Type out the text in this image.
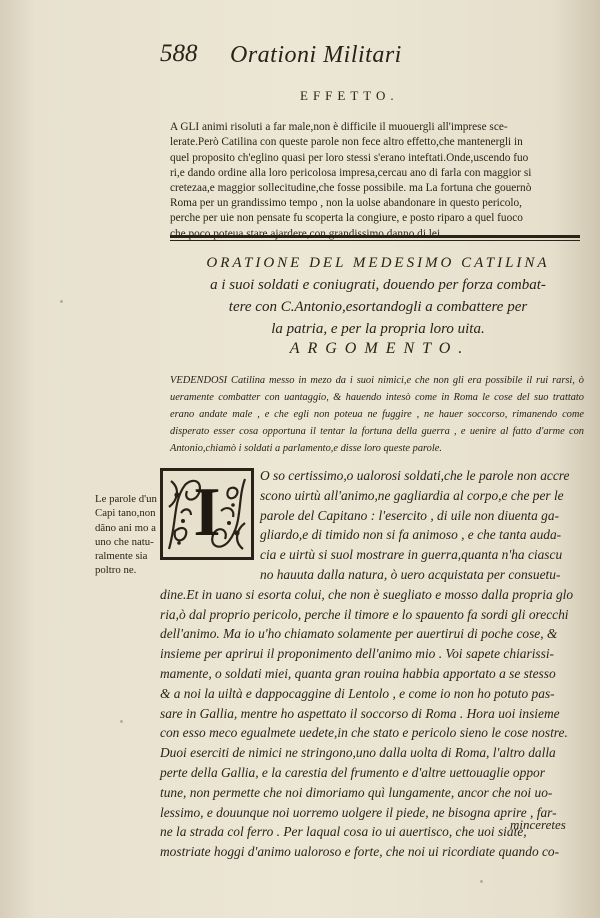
588 Orationi Militari
EFFETTO.

A GLI animi risoluti a far male,non è difficile il muouergli all'imprese sce-
lerate.Però Catilina con queste parole non fece altro effetto,che mantenergli in
quel proposito ch'eglino quasi per loro stessi s'erano inteftati.Onde,uscendo fuo
ri,e dando ordine alla loro pericolosa impresa,cercau ano di farla con maggior si
cretezaa,e maggior sollecitudine,che fosse possibile. ma La fortuna che gouernò
Roma per un grandissimo tempo , non la uolse abandonare in questo pericolo,
perche per uie non pensate fu scoperta la congiure, e posto riparo a quel fuoco
che poco poteua stare ajardere,con grandissimo danno di lei.

ORATIONE DEL MEDESIMO CATILINA
a i suoi soldati e coniugrati, douendo per forza combat-
tere con C.Antonio,esortandogli a combattere per
la patria, e per la propria loro uita.
ARGOMENTO.

VEDENDOSI Catilina messo in mezo da i suoi nimici,e che non gli era possibile il rui rarsi, ò ueramente combatter con uantaggio, & hauendo intesò come in Roma le cose del suo trattato erano andate male , e che egli non poteua ne fuggire , ne hauer soccorso, rimanendo come disperato esser cosa opportuna il tentar la fortuna della guerra , e uenire al fatto d'arme con Antonio,chiamò i soldati a parlamento,e disse loro queste parole.

Le parole d'un Capi tano,non dãno ani mo a uno che natu- ralmente sia poltro ne.

I	O so certissimo,o ualorosi soldati,che le parole non accre
scono uirtù all'animo,ne gagliardia al corpo,e che per le
parole del Capitano : l'esercito , di uile non diuenta ga-
gliardo,e di timido non si fa animoso , e che tanta auda-
cia e uirtù si suol mostrare in guerra,quanta n'ha ciascu
no hauuta dalla natura, ò uero acquistata per consuetu-
dine.Et in uano si esorta colui, che non è suegliato e mosso dalla propria glo
ria,ò dal proprio pericolo, perche il timore e lo spauento fa sordi gli orecchi
dell'animo. Ma io u'ho chiamato solamente per auertirui di poche cose, &
insieme per aprirui il proponimento dell'animo mio . Voi sapete chiarissi-
mamente, o soldati miei, quanta gran rouina habbia apportato a se stesso
& a noi la uiltà e dappocaggine di Lentolo , e come io non ho potuto pas-
sare in Gallia, mentre ho aspettato il soccorso di Roma . Hora uoi insieme
con esso meco egualmete uedete,in che stato e pericolo sieno le cose nostre.
Duoi eserciti de nimici ne stringono,uno dalla uolta di Roma, l'altro dalla
perte della Gallia, e la carestia del frumento e d'altre uettouaglie oppor
tune, non permette che noi dimoriamo quì lungamente, ancor che noi uo-
lessimo, e douunque noi uorremo uolgere il piede, ne bisogna aprire , far-
ne la strada col ferro . Per laqual cosa io ui auertisco, che uoi siate,
mostriate hoggi d'animo ualoroso e forte, che noi ui ricordiate quando co-
minceretes
